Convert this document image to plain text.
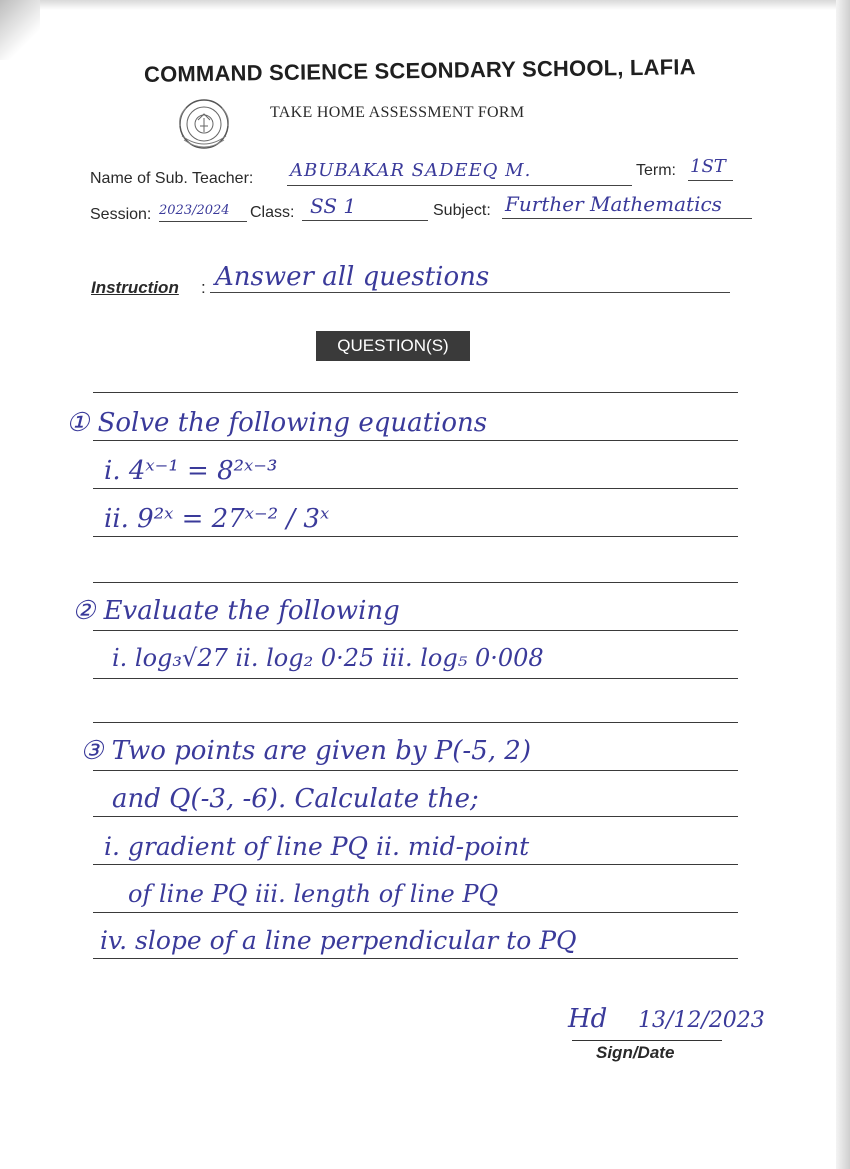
COMMAND SCIENCE SCEONDARY SCHOOL, LAFIA
TAKE HOME ASSESSMENT FORM
Name of Sub. Teacher: ABUBAKAR SADEEQ M.	Term: 1ST
Session: 2023/2024 Class: SS 1	Subject: Further Mathematics
Instruction : Answer all questions
QUESTION(S)
① Solve the following equations
i. 4ˣ⁻¹ = 8²ˣ⁻³
ii. 9²ˣ = 27ˣ⁻² / 3ˣ
② Evaluate the following
i. log₃√27 ii. log₂ 0·25 iii. log₅ 0·008
③ Two points are given by P(-5, 2)
and Q(-3, -6). Calculate the;
i. gradient of line PQ ii. mid-point
of line PQ iii. length of line PQ
iv. slope of a line perpendicular to PQ
Hd 13/12/2023
Sign/Date
